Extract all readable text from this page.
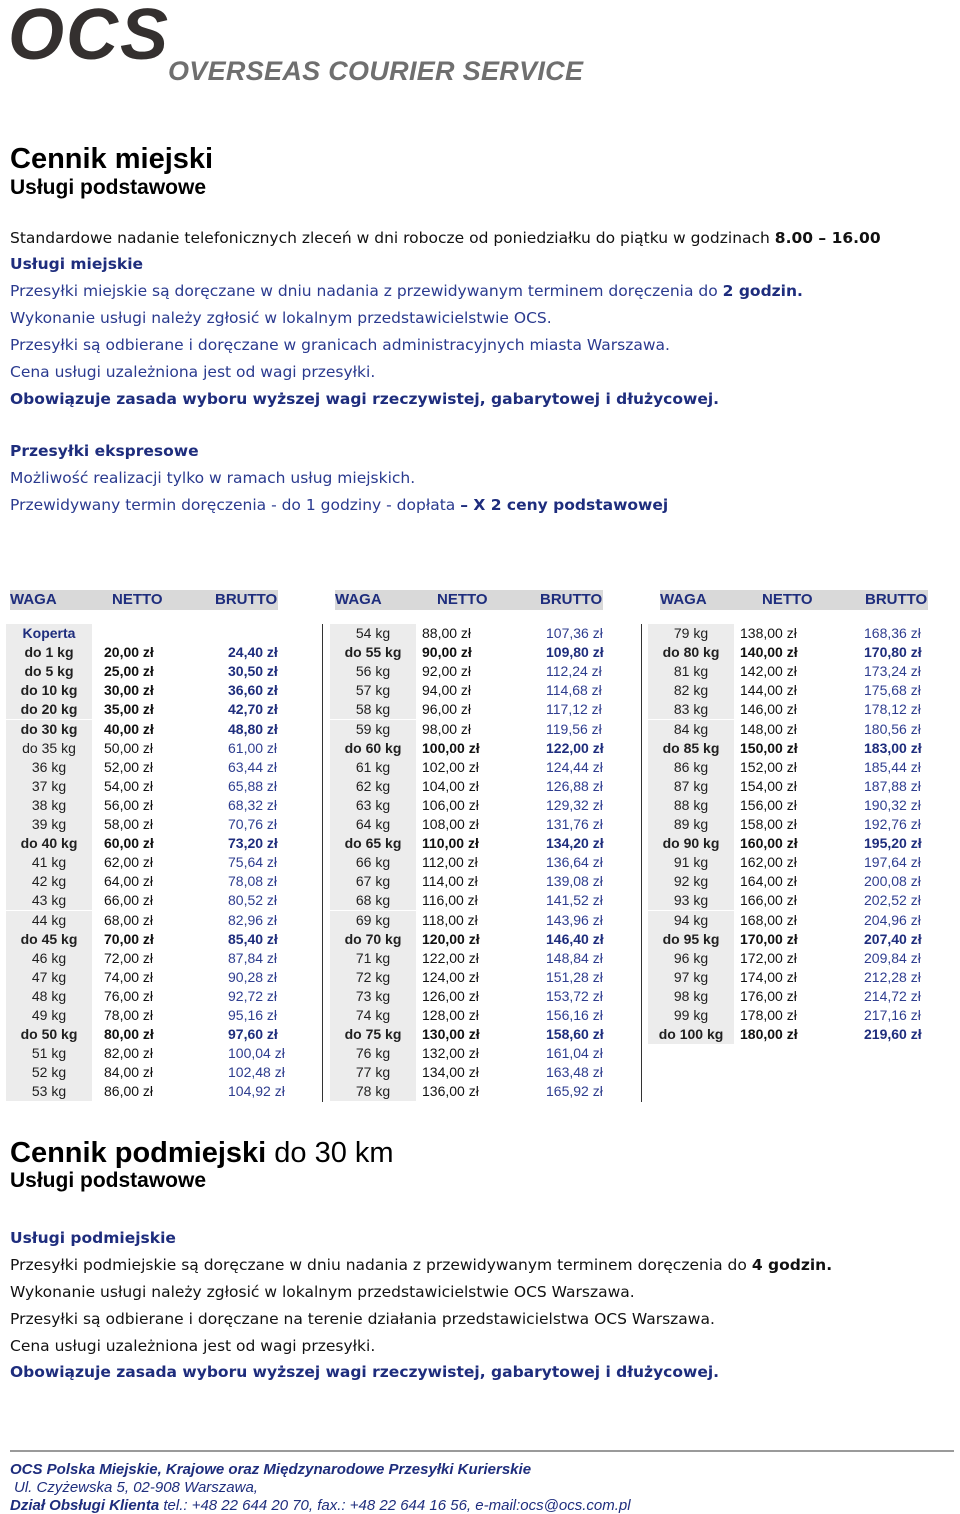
OCS
OVERSEAS COURIER SERVICE
Cennik miejski
Usługi podstawowe
Standardowe nadanie telefonicznych zleceń w dni robocze od poniedziałku do piątku w godzinach 8.00 – 16.00
Usługi miejskie
Przesyłki miejskie są doręczane w dniu nadania z przewidywanym terminem doręczenia do 2 godzin.
Wykonanie usługi należy zgłosić w lokalnym przedstawicielstwie OCS.
Przesyłki są odbierane i doręczane w granicach administracyjnych miasta Warszawa.
Cena usługi uzależniona jest od wagi przesyłki.
Obowiązuje zasada wyboru wyższej wagi rzeczywistej, gabarytowej i dłużycowej.
Przesyłki ekspresowe
Możliwość realizacji tylko w ramach usług miejskich.
Przewidywany termin doręczenia - do 1 godziny - dopłata – X 2 ceny podstawowej
WAGA	NETTO	BRUTTO	WAGA	NETTO	BRUTTO	WAGA	NETTO	BRUTTO
Koperta
do 1 kg	20,00 zł	24,40 zł
do 5 kg	25,00 zł	30,50 zł
do 10 kg	30,00 zł	36,60 zł
do 20 kg	35,00 zł	42,70 zł
do 30 kg	40,00 zł	48,80 zł
do 35 kg	50,00 zł	61,00 zł
36 kg	52,00 zł	63,44 zł
37 kg	54,00 zł	65,88 zł
38 kg	56,00 zł	68,32 zł
39 kg	58,00 zł	70,76 zł
do 40 kg	60,00 zł	73,20 zł
41 kg	62,00 zł	75,64 zł
42 kg	64,00 zł	78,08 zł
43 kg	66,00 zł	80,52 zł
44 kg	68,00 zł	82,96 zł
do 45 kg	70,00 zł	85,40 zł
46 kg	72,00 zł	87,84 zł
47 kg	74,00 zł	90,28 zł
48 kg	76,00 zł	92,72 zł
49 kg	78,00 zł	95,16 zł
do 50 kg	80,00 zł	97,60 zł
51 kg	82,00 zł	100,04 zł
52 kg	84,00 zł	102,48 zł
53 kg	86,00 zł	104,92 zł
54 kg	88,00 zł	107,36 zł
do 55 kg	90,00 zł	109,80 zł
56 kg	92,00 zł	112,24 zł
57 kg	94,00 zł	114,68 zł
58 kg	96,00 zł	117,12 zł
59 kg	98,00 zł	119,56 zł
do 60 kg	100,00 zł	122,00 zł
61 kg	102,00 zł	124,44 zł
62 kg	104,00 zł	126,88 zł
63 kg	106,00 zł	129,32 zł
64 kg	108,00 zł	131,76 zł
do 65 kg	110,00 zł	134,20 zł
66 kg	112,00 zł	136,64 zł
67 kg	114,00 zł	139,08 zł
68 kg	116,00 zł	141,52 zł
69 kg	118,00 zł	143,96 zł
do 70 kg	120,00 zł	146,40 zł
71 kg	122,00 zł	148,84 zł
72 kg	124,00 zł	151,28 zł
73 kg	126,00 zł	153,72 zł
74 kg	128,00 zł	156,16 zł
do 75 kg	130,00 zł	158,60 zł
76 kg	132,00 zł	161,04 zł
77 kg	134,00 zł	163,48 zł
78 kg	136,00 zł	165,92 zł
79 kg	138,00 zł	168,36 zł
do 80 kg	140,00 zł	170,80 zł
81 kg	142,00 zł	173,24 zł
82 kg	144,00 zł	175,68 zł
83 kg	146,00 zł	178,12 zł
84 kg	148,00 zł	180,56 zł
do 85 kg	150,00 zł	183,00 zł
86 kg	152,00 zł	185,44 zł
87 kg	154,00 zł	187,88 zł
88 kg	156,00 zł	190,32 zł
89 kg	158,00 zł	192,76 zł
do 90 kg	160,00 zł	195,20 zł
91 kg	162,00 zł	197,64 zł
92 kg	164,00 zł	200,08 zł
93 kg	166,00 zł	202,52 zł
94 kg	168,00 zł	204,96 zł
do 95 kg	170,00 zł	207,40 zł
96 kg	172,00 zł	209,84 zł
97 kg	174,00 zł	212,28 zł
98 kg	176,00 zł	214,72 zł
99 kg	178,00 zł	217,16 zł
do 100 kg	180,00 zł	219,60 zł
Cennik podmiejski do 30 km
Usługi podstawowe
Usługi podmiejskie
Przesyłki podmiejskie są doręczane w dniu nadania z przewidywanym terminem doręczenia do 4 godzin.
Wykonanie usługi należy zgłosić w lokalnym przedstawicielstwie OCS Warszawa.
Przesyłki są odbierane i doręczane na terenie działania przedstawicielstwa OCS Warszawa.
Cena usługi uzależniona jest od wagi przesyłki.
Obowiązuje zasada wyboru wyższej wagi rzeczywistej, gabarytowej i dłużycowej.
OCS Polska Miejskie, Krajowe oraz Międzynarodowe Przesyłki Kurierskie
Ul. Czyżewska 5, 02-908 Warszawa,
Dział Obsługi Klienta tel.: +48 22 644 20 70, fax.: +48 22 644 16 56, e-mail:ocs@ocs.com.pl
